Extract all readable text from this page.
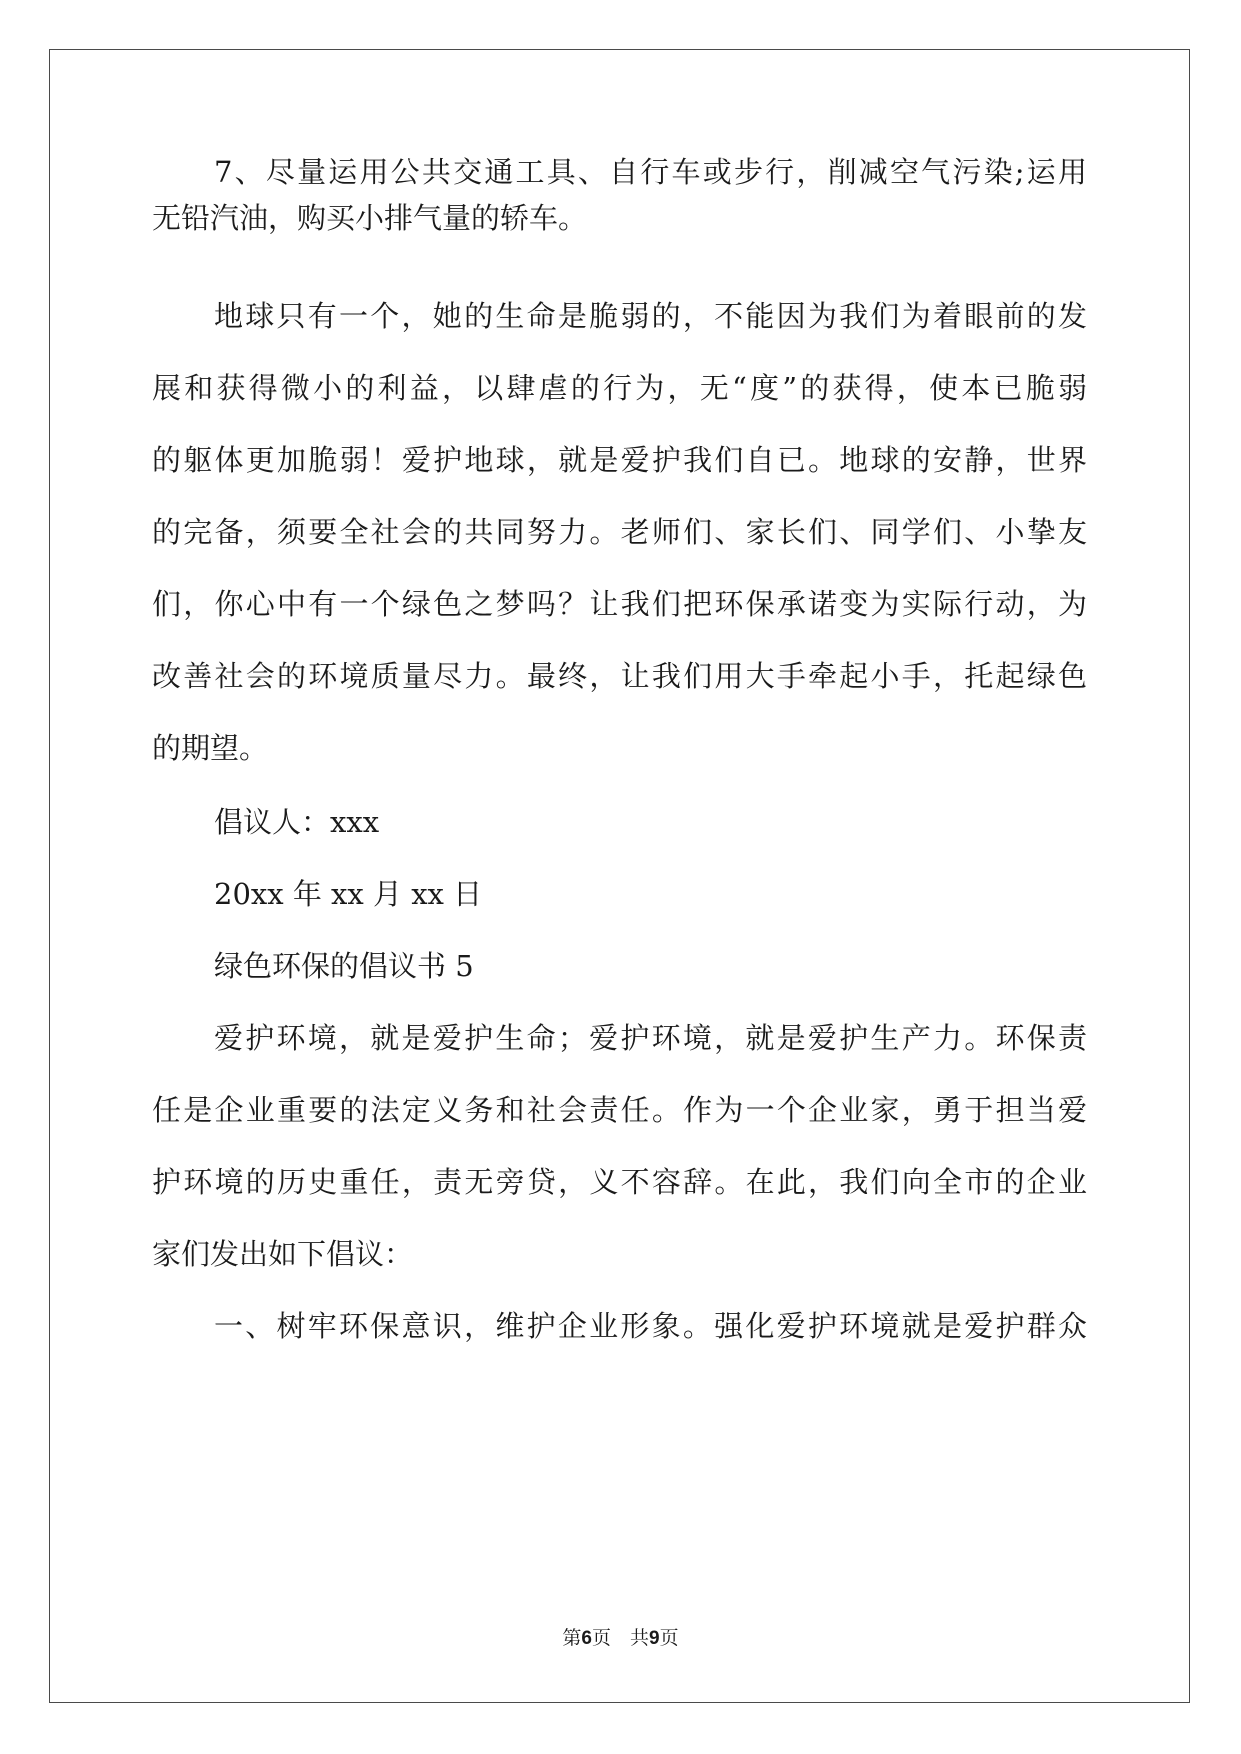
7、尽量运用公共交通工具、自行车或步行，削减空气污染;运用
无铅汽油，购买小排气量的轿车。
地球只有一个，她的生命是脆弱的，不能因为我们为着眼前的发
展和获得微小的利益，以肆虐的行为，无“度”的获得，使本已脆弱
的躯体更加脆弱！爱护地球，就是爱护我们自已。地球的安静，世界
的完备，须要全社会的共同努力。老师们、家长们、同学们、小挚友
们，你心中有一个绿色之梦吗？让我们把环保承诺变为实际行动，为
改善社会的环境质量尽力。最终，让我们用大手牵起小手，托起绿色
的期望。
倡议人：xxx
20xx 年 xx 月 xx 日
绿色环保的倡议书 5
爱护环境，就是爱护生命；爱护环境，就是爱护生产力。环保责
任是企业重要的法定义务和社会责任。作为一个企业家，勇于担当爱
护环境的历史重任，责无旁贷，义不容辞。在此，我们向全市的企业
家们发出如下倡议：
一、树牢环保意识，维护企业形象。强化爱护环境就是爱护群众
第6页　共9页
